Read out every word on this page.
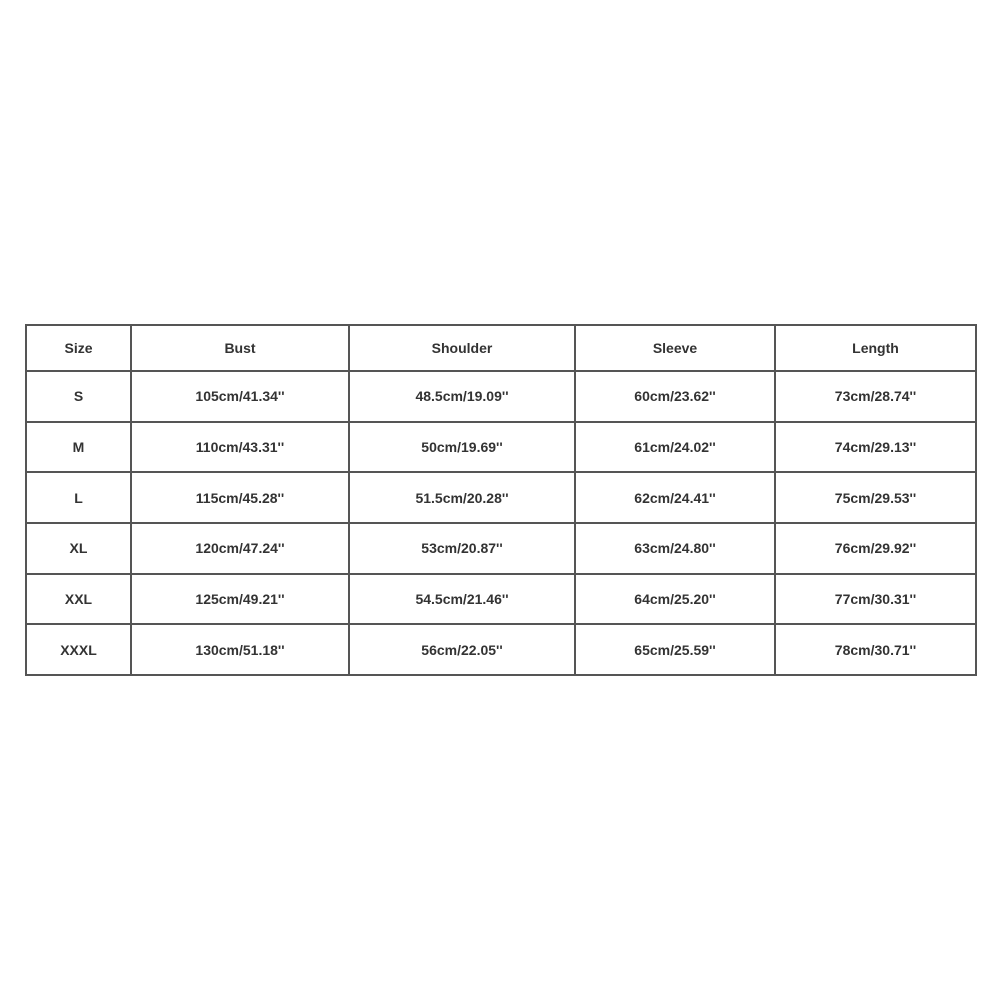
Size	Bust	Shoulder	Sleeve	Length
S	105cm/41.34''	48.5cm/19.09''	60cm/23.62''	73cm/28.74''
M	110cm/43.31''	50cm/19.69''	61cm/24.02''	74cm/29.13''
L	115cm/45.28''	51.5cm/20.28''	62cm/24.41''	75cm/29.53''
XL	120cm/47.24''	53cm/20.87''	63cm/24.80''	76cm/29.92''
XXL	125cm/49.21''	54.5cm/21.46''	64cm/25.20''	77cm/30.31''
XXXL	130cm/51.18''	56cm/22.05''	65cm/25.59''	78cm/30.71''
